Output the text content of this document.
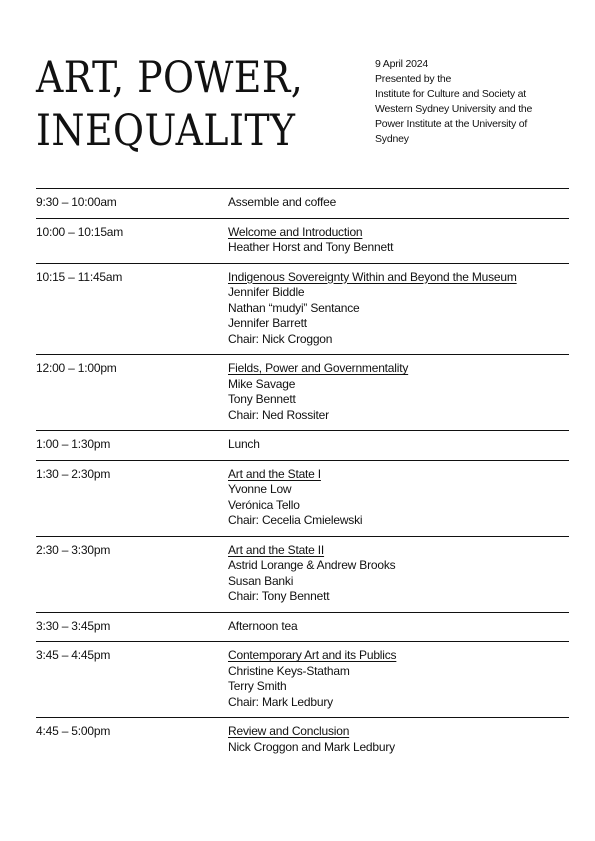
ART, POWER,
INEQUALITY
9 April 2024
Presented by the
Institute for Culture and Society at
Western Sydney University and the
Power Institute at the University of
Sydney
9:30 – 10:00am	Assemble and coffee
10:00 – 10:15am	Welcome and Introduction
Heather Horst and Tony Bennett
10:15 – 11:45am	Indigenous Sovereignty Within and Beyond the Museum
Jennifer Biddle
Nathan “mudyi” Sentance
Jennifer Barrett
Chair: Nick Croggon
12:00 – 1:00pm	Fields, Power and Governmentality
Mike Savage
Tony Bennett
Chair: Ned Rossiter
1:00 – 1:30pm	Lunch
1:30 – 2:30pm	Art and the State I
Yvonne Low
Verónica Tello
Chair: Cecelia Cmielewski
2:30 – 3:30pm	Art and the State II
Astrid Lorange & Andrew Brooks
Susan Banki
Chair: Tony Bennett
3:30 – 3:45pm	Afternoon tea
3:45 – 4:45pm	Contemporary Art and its Publics
Christine Keys-Statham
Terry Smith
Chair: Mark Ledbury
4:45 – 5:00pm	Review and Conclusion
Nick Croggon and Mark Ledbury
